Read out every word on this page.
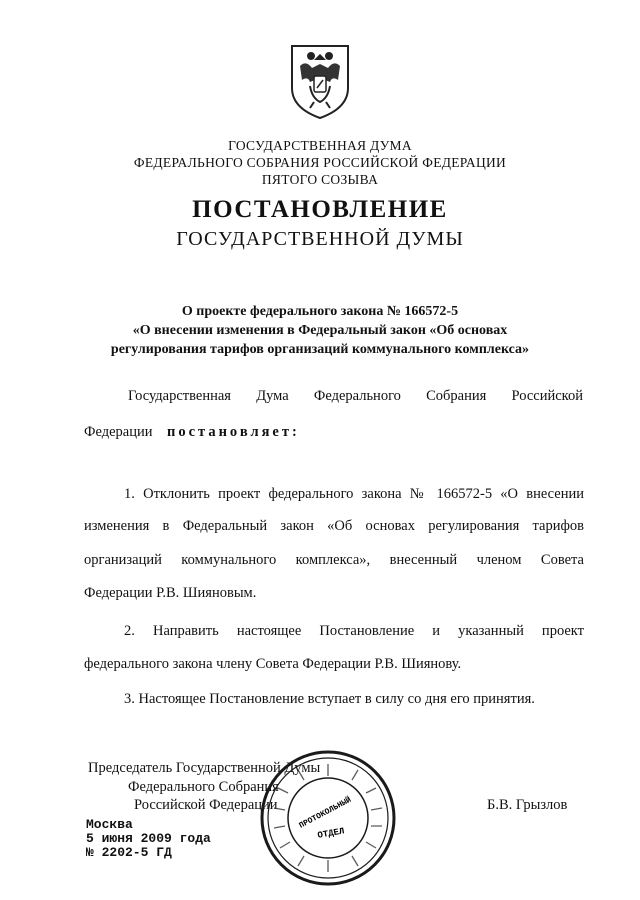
ГОСУДАРСТВЕННАЯ ДУМА
ФЕДЕРАЛЬНОГО СОБРАНИЯ РОССИЙСКОЙ ФЕДЕРАЦИИ
ПЯТОГО СОЗЫВА
ПОСТАНОВЛЕНИЕ
ГОСУДАРСТВЕННОЙ ДУМЫ
О проекте федерального закона № 166572-5
«О внесении изменения в Федеральный закон «Об основах
регулирования тарифов организаций коммунального комплекса»
Государственная Дума Федерального Собрания Российской
Федерации постановляет:
1. Отклонить проект федерального закона № 166572-5 «О внесении
изменения в Федеральный закон «Об основах регулирования тарифов
организаций коммунального комплекса», внесенный членом Совета
Федерации Р.В. Шияновым.
2. Направить настоящее Постановление и указанный проект
федерального закона члену Совета Федерации Р.В. Шиянову.
3. Настоящее Постановление вступает в силу со дня его принятия.
Председатель Государственной Думы
Федерального Собрания
Российской Федерации	Б.В. Грызлов
Москва
5 июня 2009 года
№ 2202-5 ГД
ПРОТОКОЛЬНЫЙ
ОТДЕЛ
